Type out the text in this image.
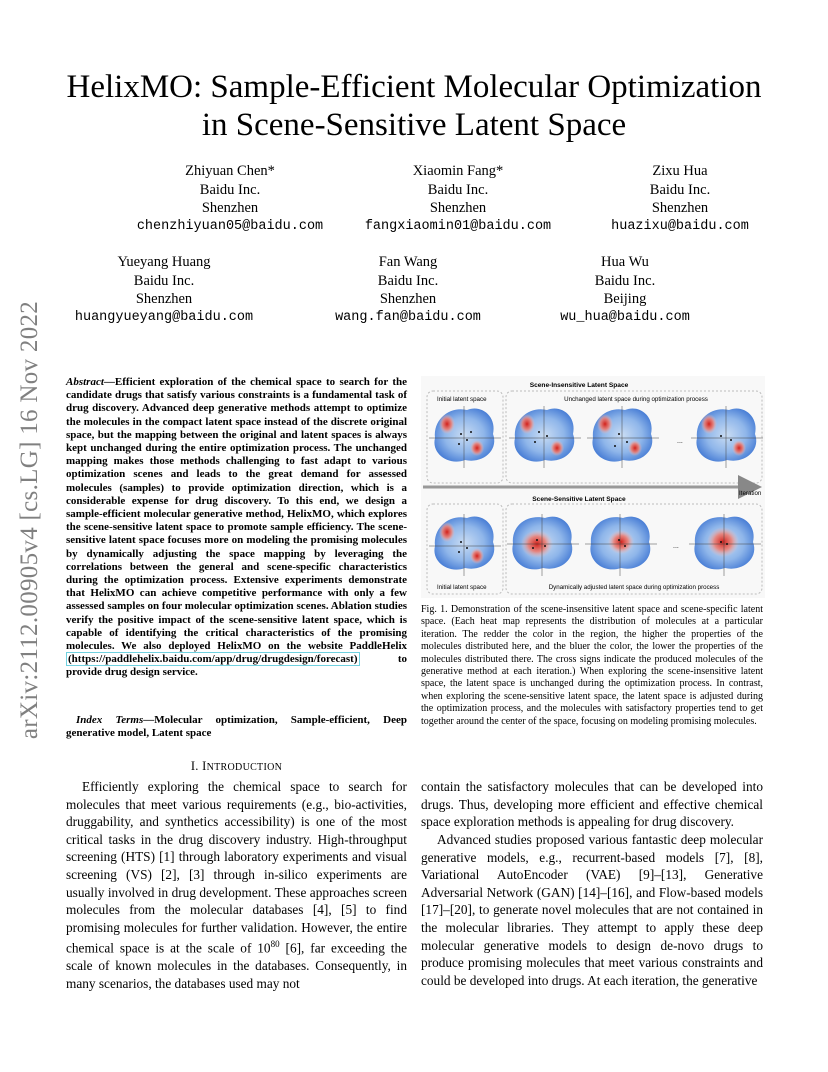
arXiv:2112.00905v4 [cs.LG] 16 Nov 2022
HelixMO: Sample-Efficient Molecular Optimization
in Scene-Sensitive Latent Space
Zhiyuan Chen*
Baidu Inc.
Shenzhen
chenzhiyuan05@baidu.com
Xiaomin Fang*
Baidu Inc.
Shenzhen
fangxiaomin01@baidu.com
Zixu Hua
Baidu Inc.
Shenzhen
huazixu@baidu.com
Yueyang Huang
Baidu Inc.
Shenzhen
huangyueyang@baidu.com
Fan Wang
Baidu Inc.
Shenzhen
wang.fan@baidu.com
Hua Wu
Baidu Inc.
Beijing
wu_hua@baidu.com
Abstract—Efficient exploration of the chemical space to search for the candidate drugs that satisfy various constraints is a fundamental task of drug discovery. Advanced deep generative methods attempt to optimize the molecules in the compact latent space instead of the discrete original space, but the mapping between the original and latent spaces is always kept unchanged during the entire optimization process. The unchanged mapping makes those methods challenging to fast adapt to various optimization scenes and leads to the great demand for assessed molecules (samples) to provide optimization direction, which is a considerable expense for drug discovery. To this end, we design a sample-efficient molecular generative method, HelixMO, which explores the scene-sensitive latent space to promote sample efficiency. The scene-sensitive latent space focuses more on modeling the promising molecules by dynamically adjusting the space mapping by leveraging the correlations between the general and scene-specific characteristics during the optimization process. Extensive experiments demonstrate that HelixMO can achieve competitive performance with only a few assessed samples on four molecular optimization scenes. Ablation studies verify the positive impact of the scene-sensitive latent space, which is capable of identifying the critical characteristics of the promising molecules. We also deployed HelixMO on the website PaddleHelix (https://paddlehelix.baidu.com/app/drug/drugdesign/forecast) to provide drug design service.
Index Terms—Molecular optimization, Sample-efficient, Deep generative model, Latent space
I. INTRODUCTION
Efficiently exploring the chemical space to search for molecules that meet various requirements (e.g., bio-activities, druggability, and synthetics accessibility) is one of the most critical tasks in the drug discovery industry. High-throughput screening (HTS) [1] through laboratory experiments and visual screening (VS) [2], [3] through in-silico experiments are usually involved in drug development. These approaches screen molecules from the molecular databases [4], [5] to find promising molecules for further validation. However, the entire chemical space is at the scale of $10^{80}$ [6], far exceeding the scale of known molecules in the databases. Consequently, in many scenarios, the databases used may not
contain the satisfactory molecules that can be developed into drugs. Thus, developing more efficient and effective chemical space exploration methods is appealing for drug discovery.
Advanced studies proposed various fantastic deep molecular generative models, e.g., recurrent-based models [7], [8], Variational AutoEncoder (VAE) [9]–[13], Generative Adversarial Network (GAN) [14]–[16], and Flow-based models [17]–[20], to generate novel molecules that are not contained in the molecular libraries. They attempt to apply these deep molecular generative models to design de-novo drugs to produce promising molecules that meet various constraints and could be developed into drugs. At each iteration, the generative
Scene-Insensitive Latent Space
Initial latent space	Unchanged latent space during optimization process
...
Iteration
Scene-Sensitive Latent Space
...
Initial latent space	Dynamically adjusted latent space during optimization process
Fig. 1. Demonstration of the scene-insensitive latent space and scene-specific latent space. (Each heat map represents the distribution of molecules at a particular iteration. The redder the color in the region, the higher the properties of the molecules distributed here, and the bluer the color, the lower the properties of the molecules distributed there. The cross signs indicate the produced molecules of the generative method at each iteration.) When exploring the scene-insensitive latent space, the latent space is unchanged during the optimization process. In contrast, when exploring the scene-sensitive latent space, the latent space is adjusted during the optimization process, and the molecules with satisfactory properties tend to get together around the center of the space, focusing on modeling promising molecules.
